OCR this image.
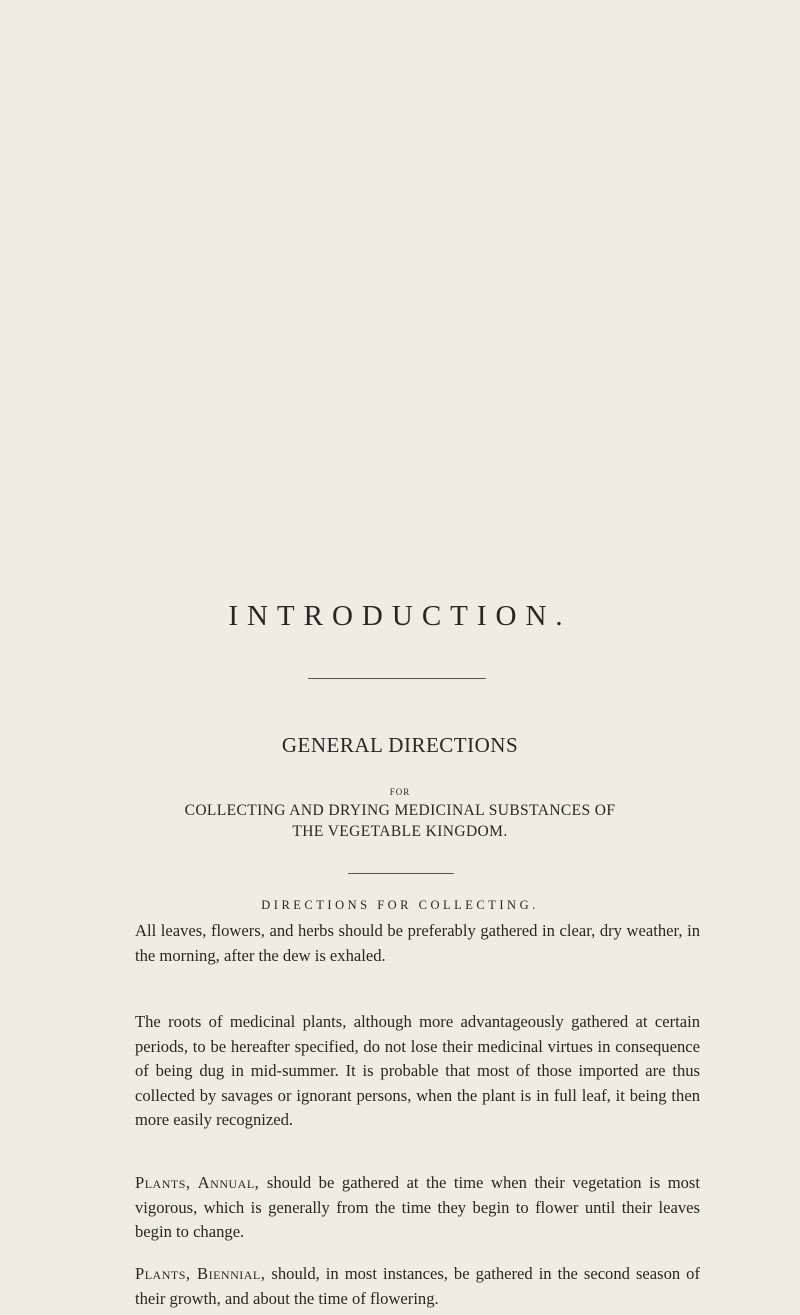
INTRODUCTION.
GENERAL DIRECTIONS
FOR
COLLECTING AND DRYING MEDICINAL SUBSTANCES OF
THE VEGETABLE KINGDOM.
DIRECTIONS FOR COLLECTING.

All leaves, flowers, and herbs should be preferably gathered in clear, dry weather, in the morning, after the dew is exhaled.

The roots of medicinal plants, although more advantageously gathered at certain periods, to be hereafter specified, do not lose their medicinal virtues in consequence of being dug in mid-summer. It is probable that most of those imported are thus collected by savages or ignorant persons, when the plant is in full leaf, it being then more easily recognized.

Plants, Annual, should be gathered at the time when their vegetation is most vigorous, which is generally from the time they begin to flower until their leaves begin to change.

Plants, Biennial, should, in most instances, be gathered in the second season of their growth, and about the time of flowering.
